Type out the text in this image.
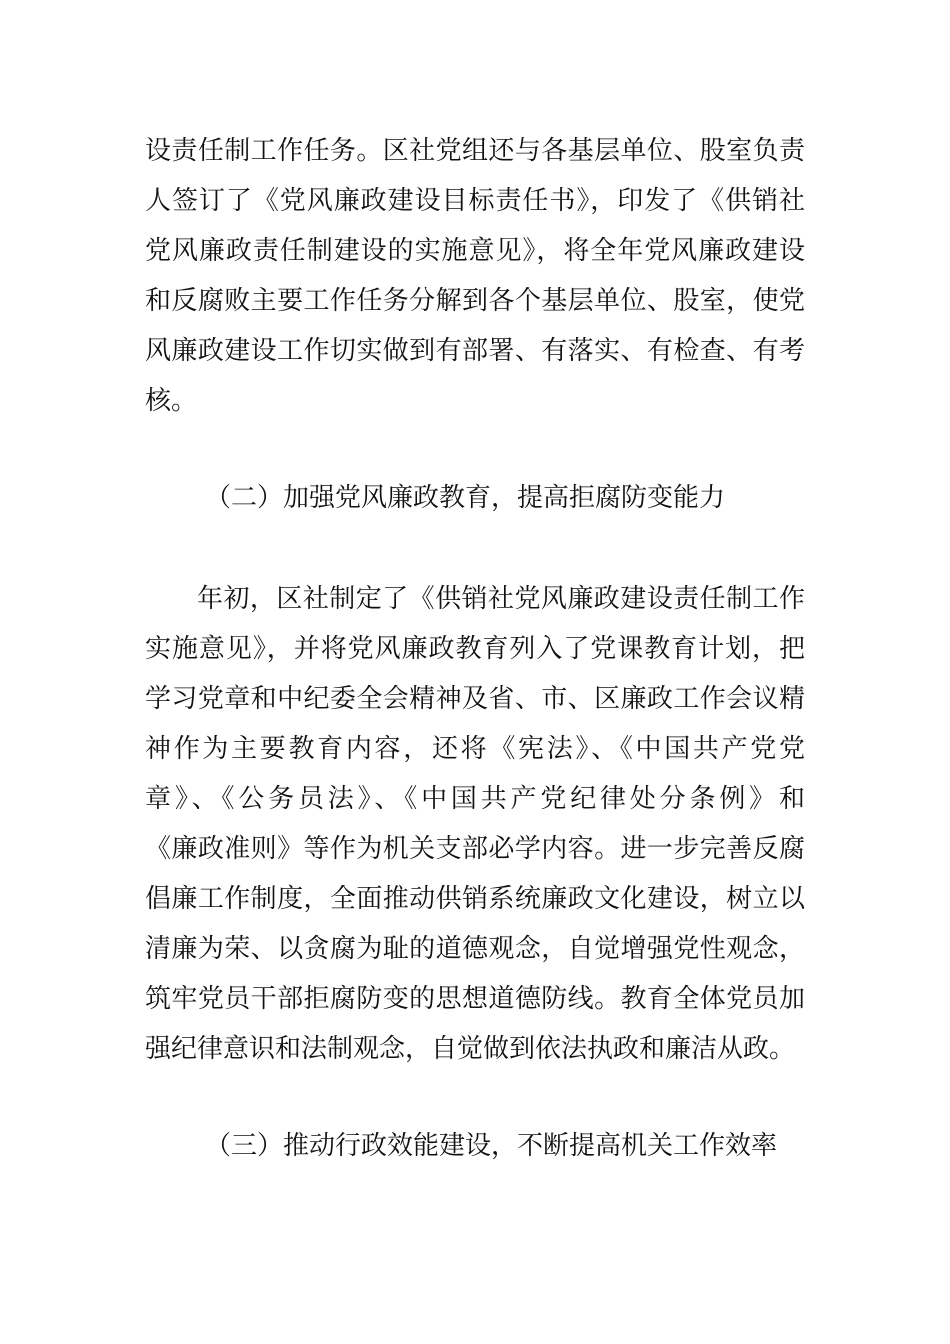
设责任制工作任务。区社党组还与各基层单位、股室负责
人签订了《党风廉政建设目标责任书》，印发了《供销社
党风廉政责任制建设的实施意见》，将全年党风廉政建设
和反腐败主要工作任务分解到各个基层单位、股室，使党
风廉政建设工作切实做到有部署、有落实、有检查、有考
核。
（二）加强党风廉政教育，提高拒腐防变能力
年初，区社制定了《供销社党风廉政建设责任制工作
实施意见》，并将党风廉政教育列入了党课教育计划，把
学习党章和中纪委全会精神及省、市、区廉政工作会议精
神作为主要教育内容，还将《宪法》、《中国共产党党
章》、《公务员法》、《中国共产党纪律处分条例》和
《廉政准则》等作为机关支部必学内容。进一步完善反腐
倡廉工作制度，全面推动供销系统廉政文化建设，树立以
清廉为荣、以贪腐为耻的道德观念，自觉增强党性观念，
筑牢党员干部拒腐防变的思想道德防线。教育全体党员加
强纪律意识和法制观念，自觉做到依法执政和廉洁从政。
（三）推动行政效能建设，不断提高机关工作效率
